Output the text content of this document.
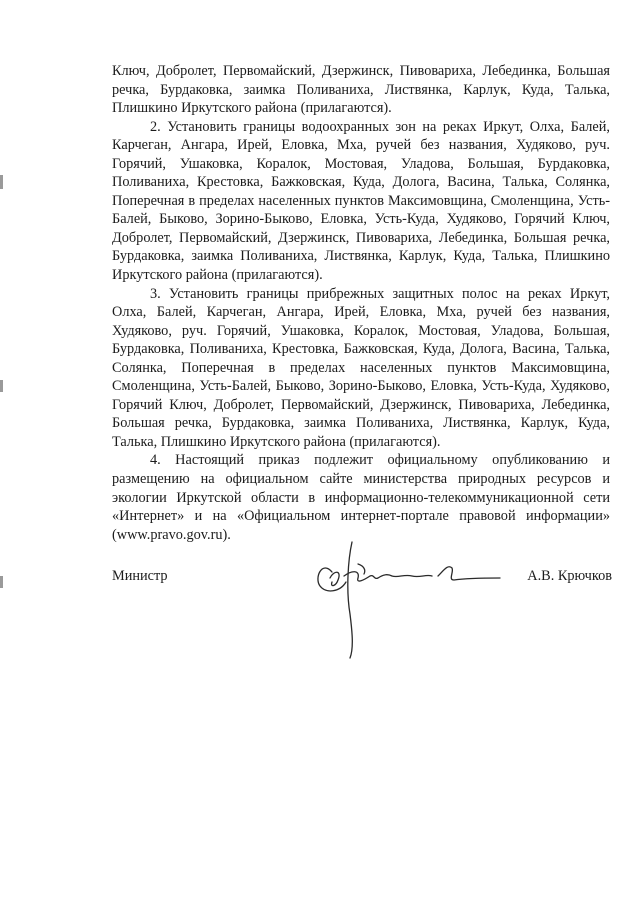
Ключ, Добролет, Первомайский, Дзержинск, Пивовариха, Лебединка, Большая речка, Бурдаковка, заимка Поливаниха, Листвянка, Карлук, Куда, Талька, Плишкино Иркутского района (прилагаются).

2. Установить границы водоохранных зон на реках Иркут, Олха, Балей, Карчеган, Ангара, Ирей, Еловка, Мха, ручей без названия, Худяково, руч. Горячий, Ушаковка, Коралок, Мостовая, Уладова, Большая, Бурдаковка, Поливаниха, Крестовка, Бажковская, Куда, Долога, Васина, Талька, Солянка, Поперечная в пределах населенных пунктов Максимовщина, Смоленщина, Усть-Балей, Быково, Зорино-Быково, Еловка, Усть-Куда, Худяково, Горячий Ключ, Добролет, Первомайский, Дзержинск, Пивовариха, Лебединка, Большая речка, Бурдаковка, заимка Поливаниха, Листвянка, Карлук, Куда, Талька, Плишкино Иркутского района (прилагаются).

3. Установить границы прибрежных защитных полос на реках Иркут, Олха, Балей, Карчеган, Ангара, Ирей, Еловка, Мха, ручей без названия, Худяково, руч. Горячий, Ушаковка, Коралок, Мостовая, Уладова, Большая, Бурдаковка, Поливаниха, Крестовка, Бажковская, Куда, Долога, Васина, Талька, Солянка, Поперечная в пределах населенных пунктов Максимовщина, Смоленщина, Усть-Балей, Быково, Зорино-Быково, Еловка, Усть-Куда, Худяково, Горячий Ключ, Добролет, Первомайский, Дзержинск, Пивовариха, Лебединка, Большая речка, Бурдаковка, заимка Поливаниха, Листвянка, Карлук, Куда, Талька, Плишкино Иркутского района (прилагаются).

4. Настоящий приказ подлежит официальному опубликованию и размещению на официальном сайте министерства природных ресурсов и экологии Иркутской области в информационно-телекоммуникационной сети «Интернет» и на «Официальном интернет-портале правовой информации» (www.pravo.gov.ru).

Министр	А.В. Крючков
